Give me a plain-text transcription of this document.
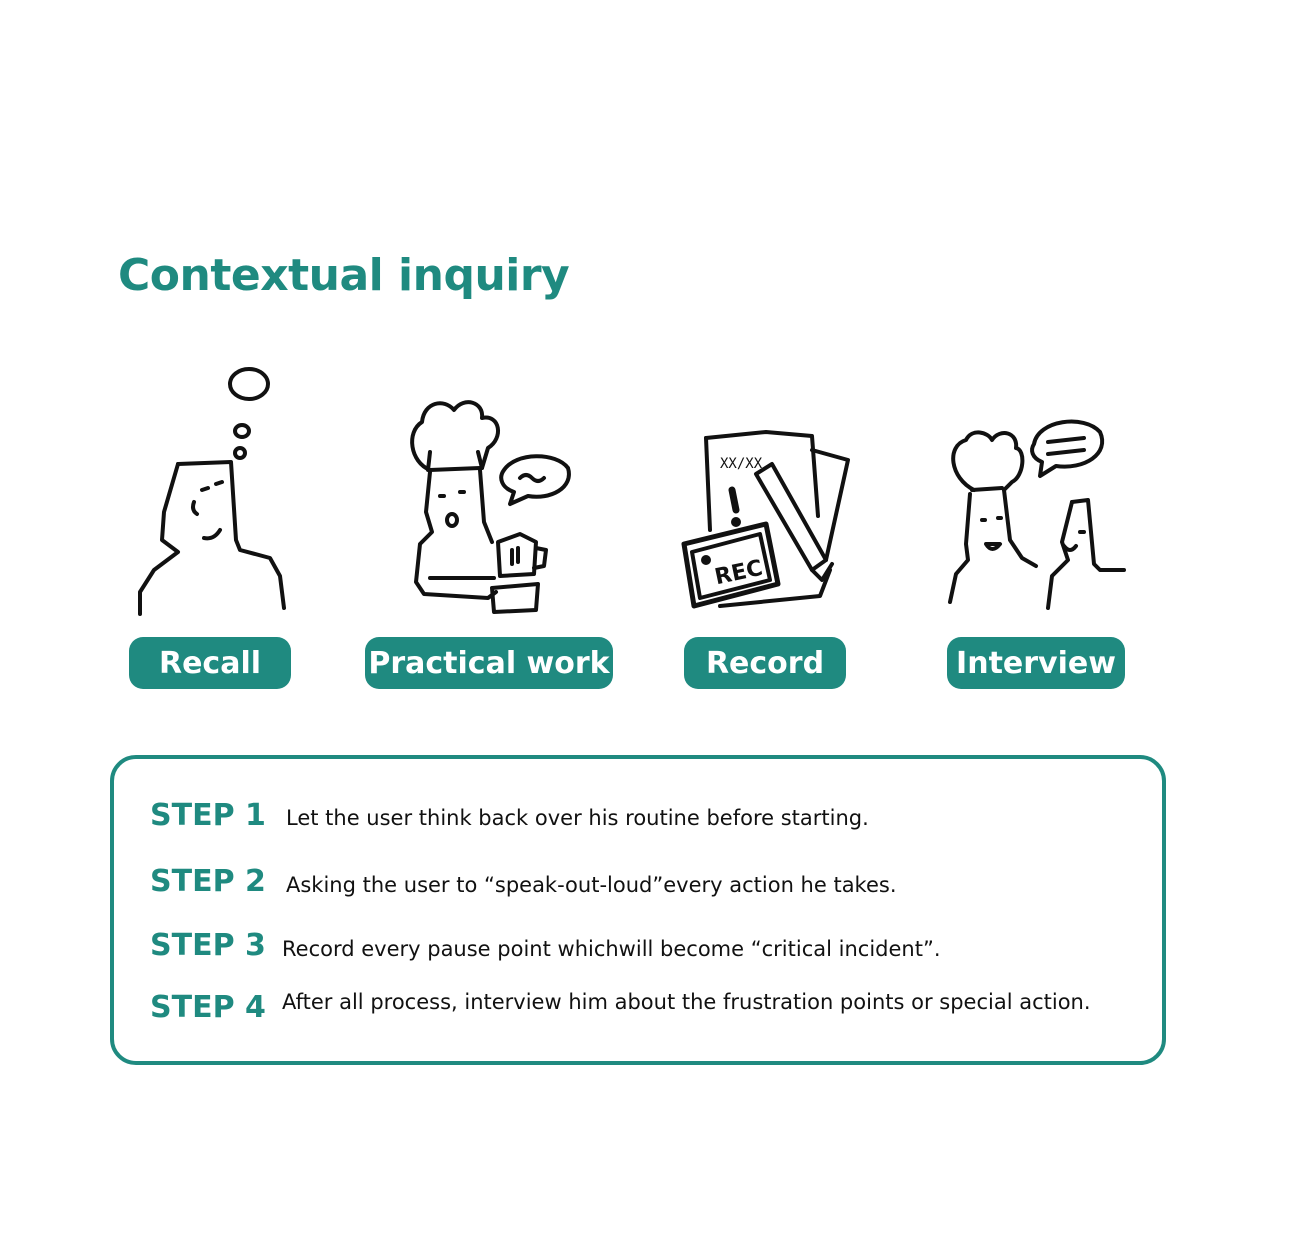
Contextual inquiry
XX/XX
REC
Recall	Practical work	Record	Interview
STEP 1 Let the user think back over his routine before starting.
STEP 2 Asking the user to “speak-out-loud”every action he takes.
STEP 3 Record every pause point whichwill become “critical incident”.
STEP 4 After all process, interview him about the frustration points or special action.
